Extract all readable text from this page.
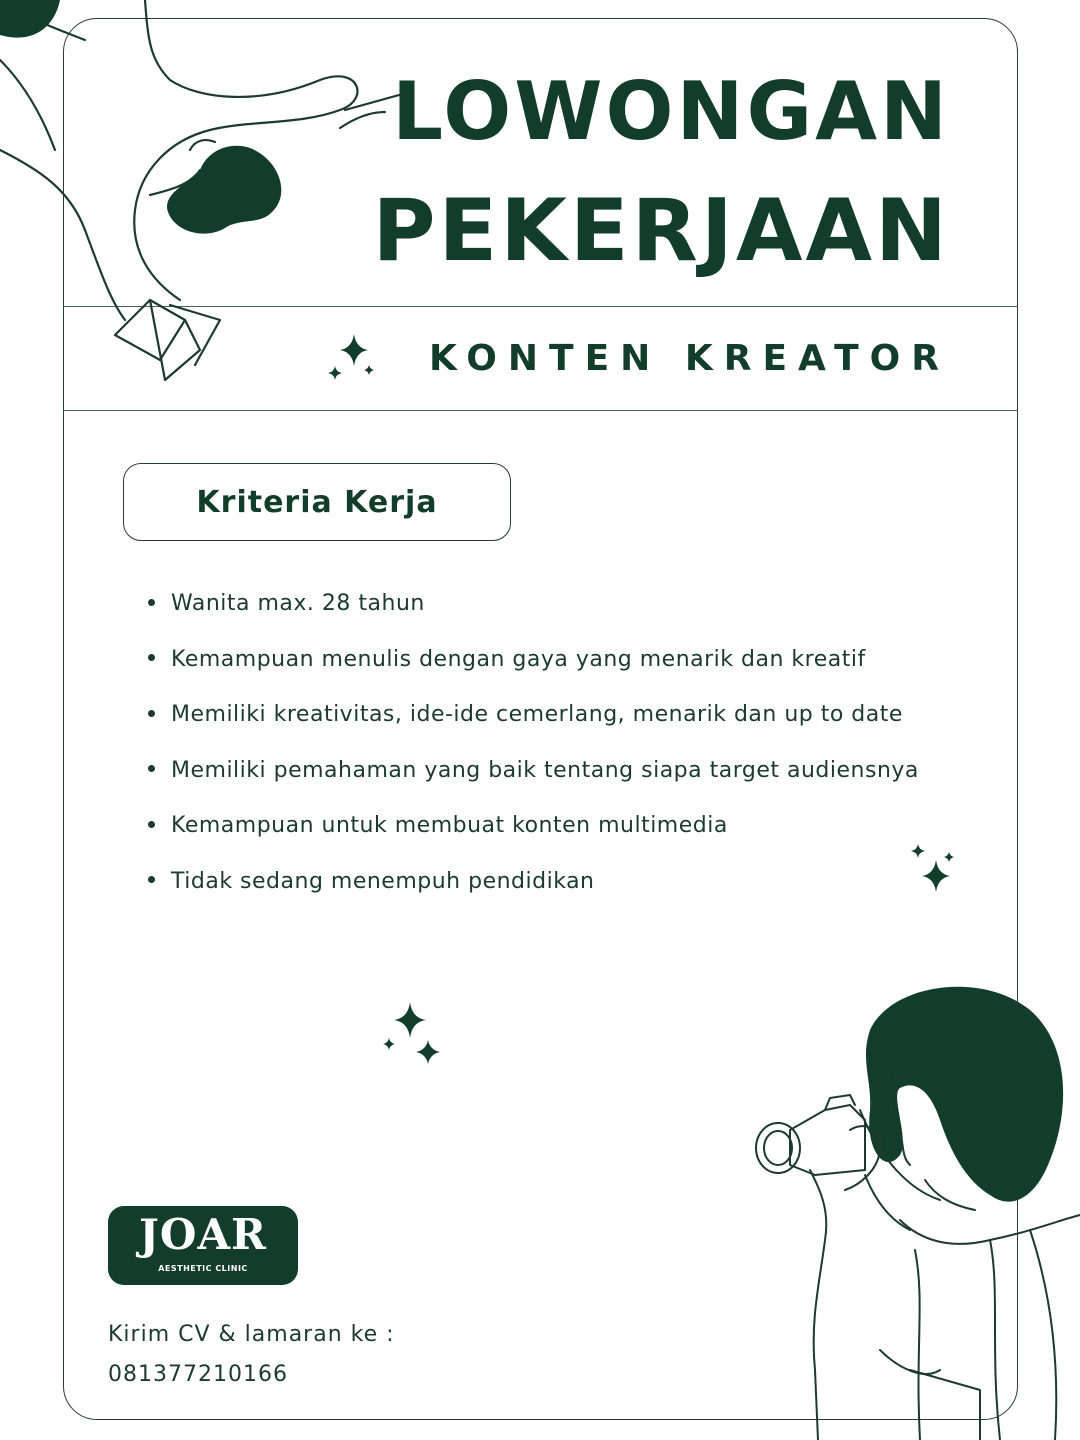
LOWONGAN
PEKERJAAN
KONTEN KREATOR
Kriteria Kerja
Wanita max. 28 tahun
Kemampuan menulis dengan gaya yang menarik dan kreatif
Memiliki kreativitas, ide-ide cemerlang, menarik dan up to date
Memiliki pemahaman yang baik tentang siapa target audiensnya
Kemampuan untuk membuat konten multimedia
Tidak sedang menempuh pendidikan
JOAR
AESTHETIC CLINIC
Kirim CV & lamaran ke :
081377210166
